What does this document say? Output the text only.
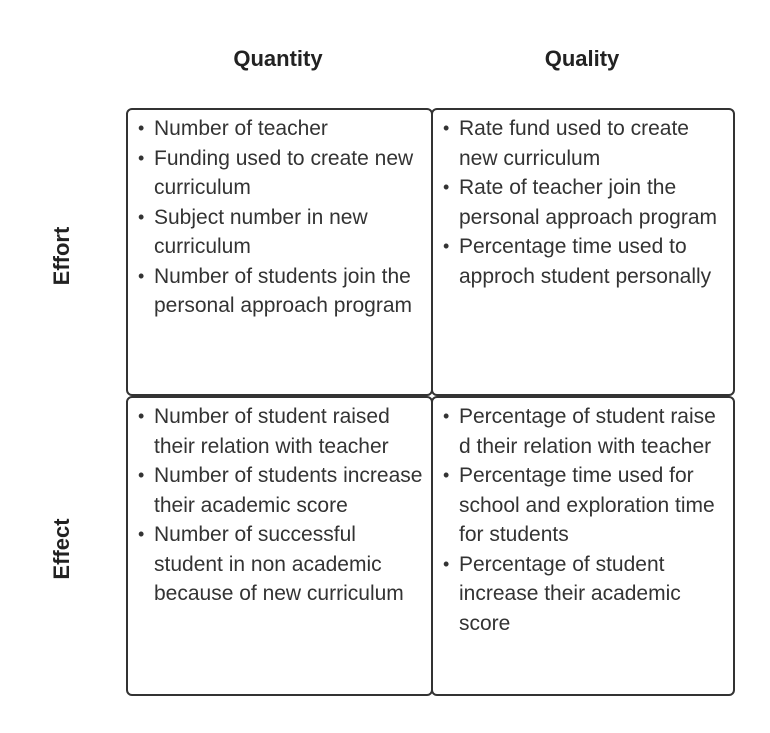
Quantity	Quality
Effort
Effect
• Number of teacher
• Funding used to create new curriculum
• Subject number in new curriculum
• Number of students join the personal approach program
• Rate fund used to create new curriculum
• Rate of teacher join the personal approach program
• Percentage time used to approch student personally
• Number of student raised their relation with teacher
• Number of students increase their academic score
• Number of successful student in non academic because of new curriculum
• Percentage of student raise d their relation with teacher
• Percentage time used for school and exploration time for students
• Percentage of student increase their academic score
